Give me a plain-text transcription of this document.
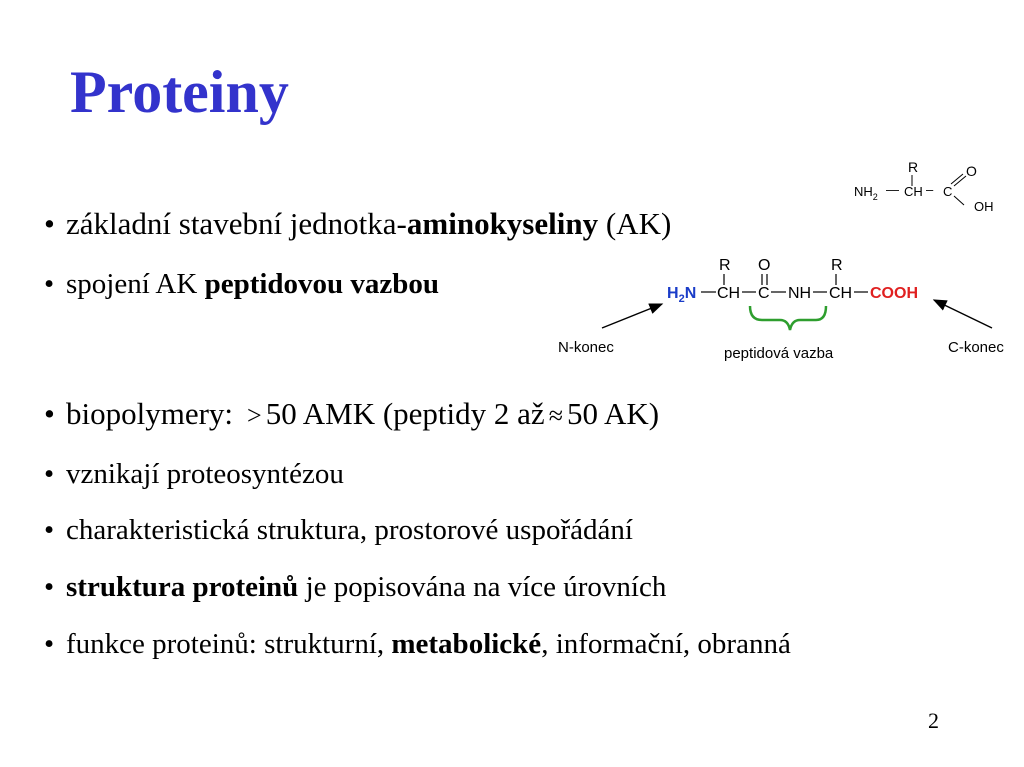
Proteiny
R
$NH_2$ — CH – C
O
OH
R O	R
$H_2N$ CH C NH CH COOH
peptidová vazba
N-konec	C-konec
• základní stavební jednotka-aminokyseliny (AK)
• spojení AK peptidovou vazbou
• biopolymery: > 50 AMK (peptidy 2 až ≈ 50 AK)
• vznikají proteosyntézou
• charakteristická struktura, prostorové uspořádání
• struktura proteinů je popisována na více úrovních
• funkce proteinů: strukturní, metabolické, informační, obranná
2
